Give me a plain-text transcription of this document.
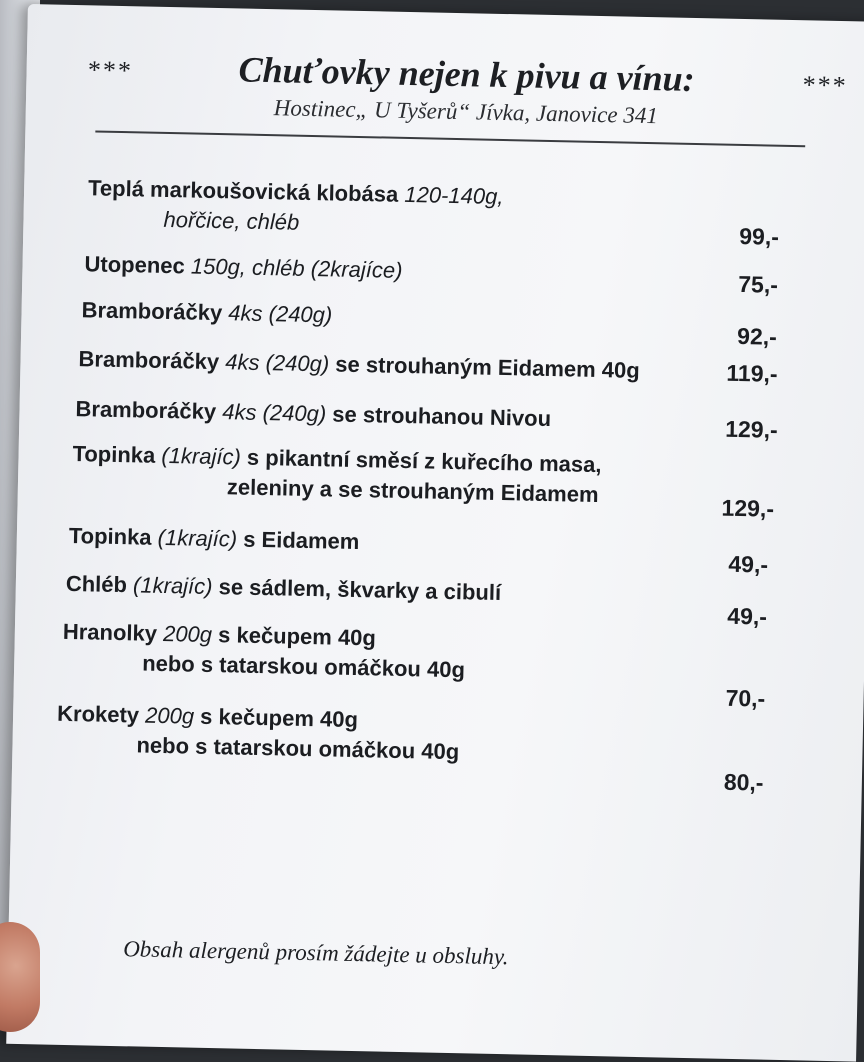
***	Chuťovky nejen k pivu a vínu:	***
Hostinec„ U Tyšerů“ Jívka, Janovice 341
Teplá markoušovická klobása 120-140g,
hořčice, chléb
99,-
Utopenec 150g, chléb (2krajíce)
75,-
Bramboráčky 4ks (240g)
92,-
Bramboráčky 4ks (240g) se strouhaným Eidamem 40g	119,-
Bramboráčky 4ks (240g) se strouhanou Nivou	129,-
Topinka (1krajíc) s pikantní směsí z kuřecího masa,
zeleniny a se strouhaným Eidamem
129,-
Topinka (1krajíc) s Eidamem
49,-
Chléb (1krajíc) se sádlem, škvarky a cibulí
49,-
Hranolky 200g s kečupem 40g
nebo s tatarskou omáčkou 40g
70,-
Krokety 200g s kečupem 40g
nebo s tatarskou omáčkou 40g
80,-
Obsah alergenů prosím žádejte u obsluhy.
